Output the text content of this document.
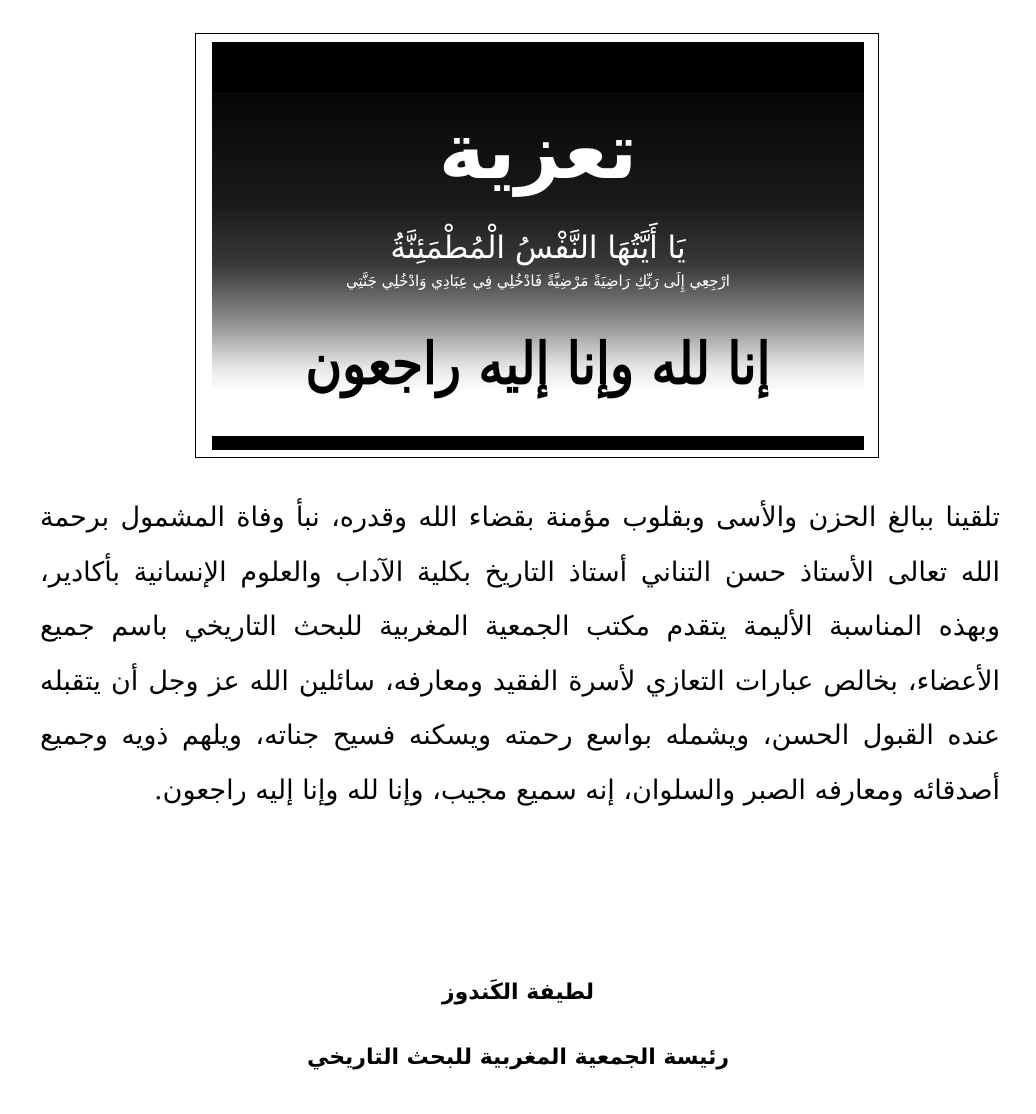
تعزية
يَا أَيَّتُهَا النَّفْسُ الْمُطْمَئِنَّةُ
ارْجِعِي إِلَى رَبِّكِ رَاضِيَةً مَرْضِيَّةً فَادْخُلِي فِي عِبَادِي وَادْخُلِي جَنَّتِي
إنا لله وإنا إليه راجعون
تلقينا ببالغ الحزن والأسى وبقلوب مؤمنة بقضاء الله وقدره، نبأ وفاة المشمول برحمة الله تعالى الأستاذ حسن التناني أستاذ التاريخ بكلية الآداب والعلوم الإنسانية بأكادير، وبهذه المناسبة الأليمة يتقدم مكتب الجمعية المغربية للبحث التاريخي باسم جميع الأعضاء، بخالص عبارات التعازي لأسرة الفقيد ومعارفه، سائلين الله عز وجل أن يتقبله عنده القبول الحسن، ويشمله بواسع رحمته ويسكنه فسيح جناته، ويلهم ذويه وجميع أصدقائه ومعارفه الصبر والسلوان، إنه سميع مجيب، وإنا لله وإنا إليه راجعون.
لطيفة الكَندوز
رئيسة الجمعية المغربية للبحث التاريخي
